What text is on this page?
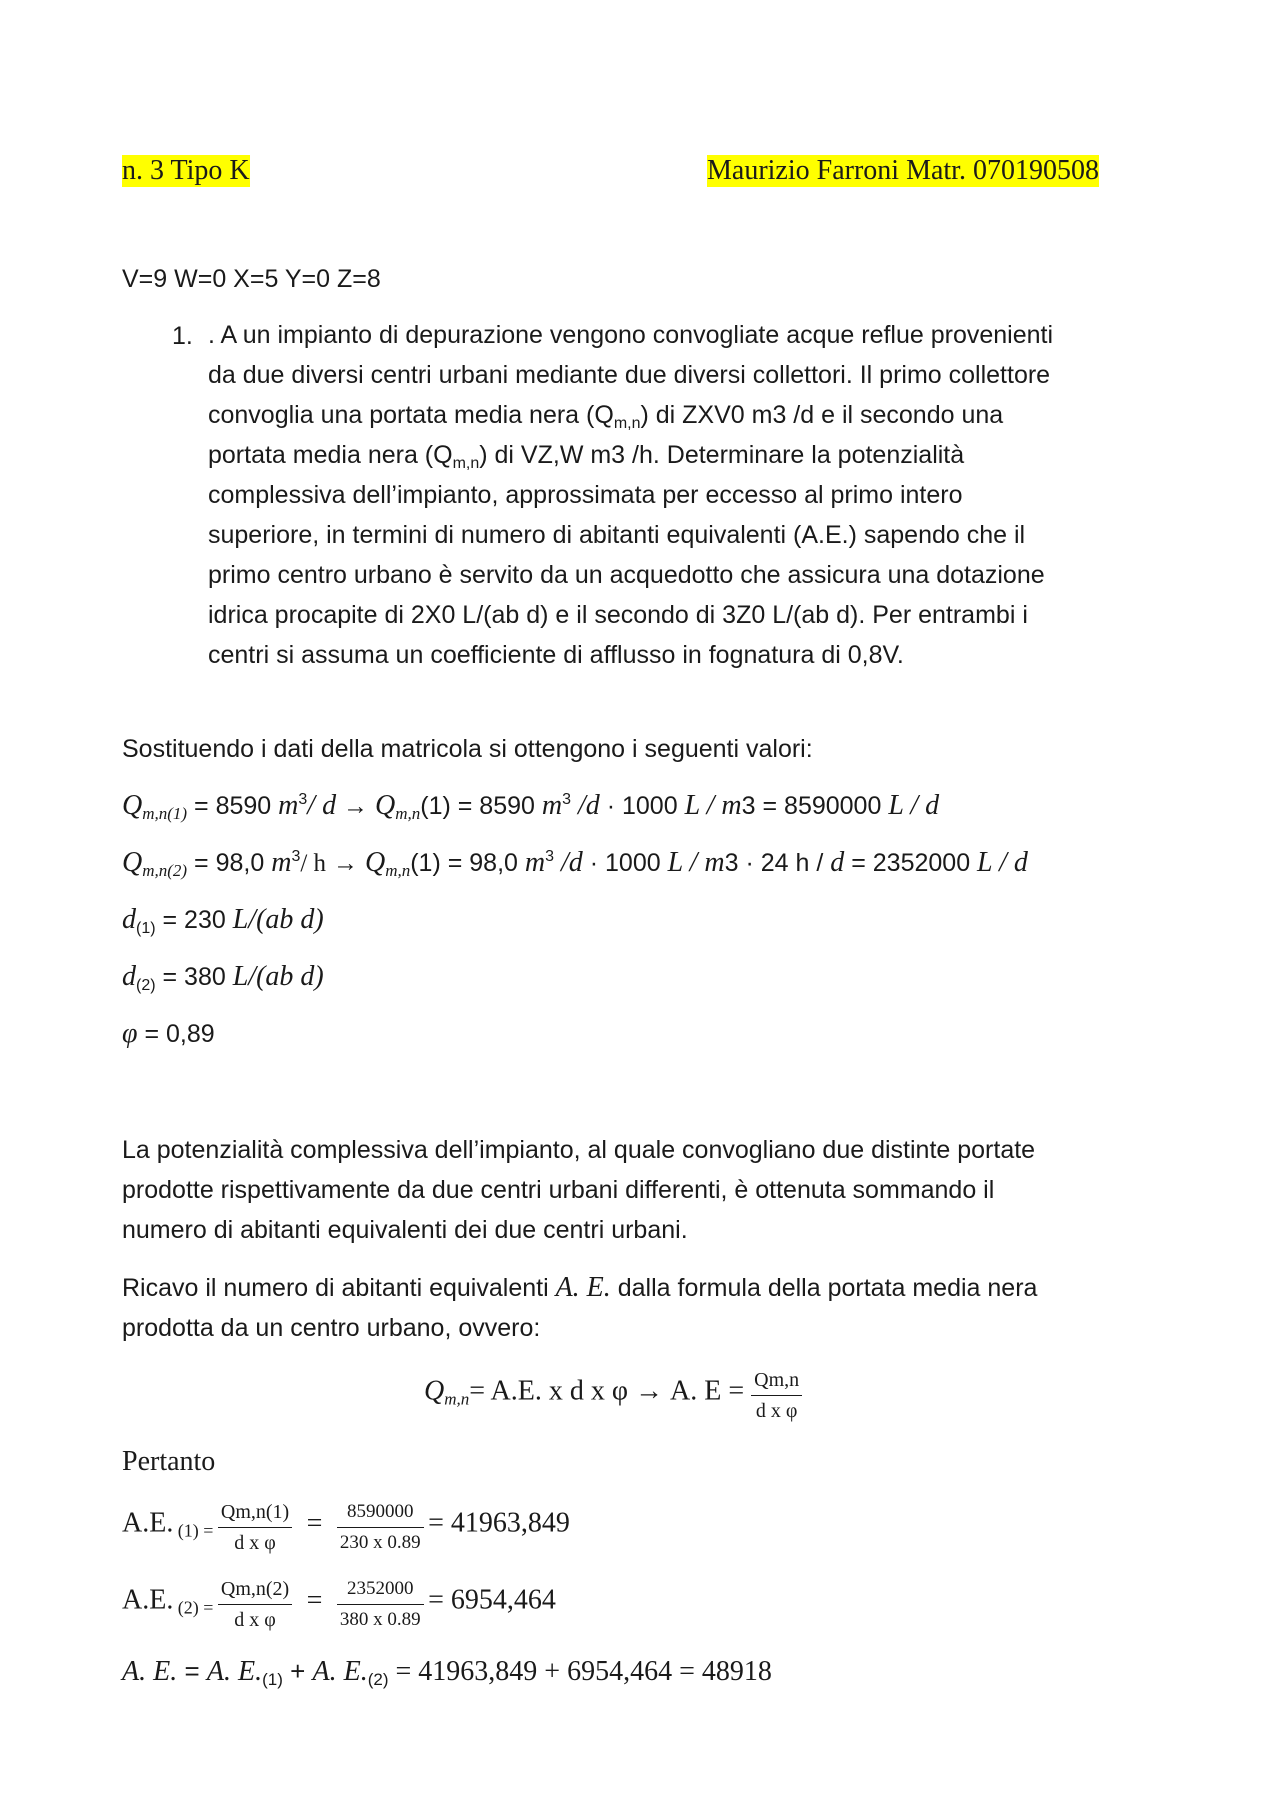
n. 3 Tipo K	Maurizio Farroni Matr. 070190508
V=9 W=0 X=5 Y=0 Z=8
1. . A un impianto di depurazione vengono convogliate acque reflue provenienti
da due diversi centri urbani mediante due diversi collettori. Il primo collettore
convoglia una portata media nera $(Q_{m,n})$ di ZXV0 m3 /d e il secondo una
portata media nera $(Q_{m,n})$ di VZ,W m3 /h. Determinare la potenzialità
complessiva dell’impianto, approssimata per eccesso al primo intero
superiore, in termini di numero di abitanti equivalenti (A.E.) sapendo che il
primo centro urbano è servito da un acquedotto che assicura una dotazione
idrica procapite di 2X0 L/(ab d) e il secondo di 3Z0 L/(ab d). Per entrambi i
centri si assuma un coefficiente di afflusso in fognatura di 0,8V.
Sostituendo i dati della matricola si ottengono i seguenti valori:
$Q_{m,n(1)} = 8590$ $m^3/$ $d \to Q_{m,n}(1) = 8590$ $m^3$ /d · 1000 L / m3 = 8590000 L / d
$Q_{m,n(2)} = 98,0$ $m^3/$ $h \to Q_{m,n}(1) = 98,0$ $m^3$ /d · 1000 L / m3 · 24 h / d = 2352000 L / d
$d_{(1)} = 230$ L/(ab d)
$d_{(2)} = 380$ L/(ab d)
φ = 0,89
La potenzialità complessiva dell’impianto, al quale convogliano due distinte portate
prodotte rispettivamente da due centri urbani differenti, è ottenuta sommando il
numero di abitanti equivalenti dei due centri urbani.
Ricavo il numero di abitanti equivalenti A. E. dalla formula della portata media nera
prodotta da un centro urbano, ovvero:
$Q_{m,n}= A.E$. x d x φ → A. $E = \frac{Qm,n}{\text{d x φ}}$
Pertanto
A.E. $_{(1) =} \frac{Qm,n(1)}{\text{d x φ}} = \frac{8590000}{230 x 0.89} = 41963,849$
A.E. $_{(2) =} \frac{Qm,n(2)}{\text{d x φ}} = \frac{2352000}{380 x 0.89} = 6954,464$
A. E. = A. $E._{(1)} + A$. $E._{(2)} = 41963,849 + 6954,464 = 48918$
